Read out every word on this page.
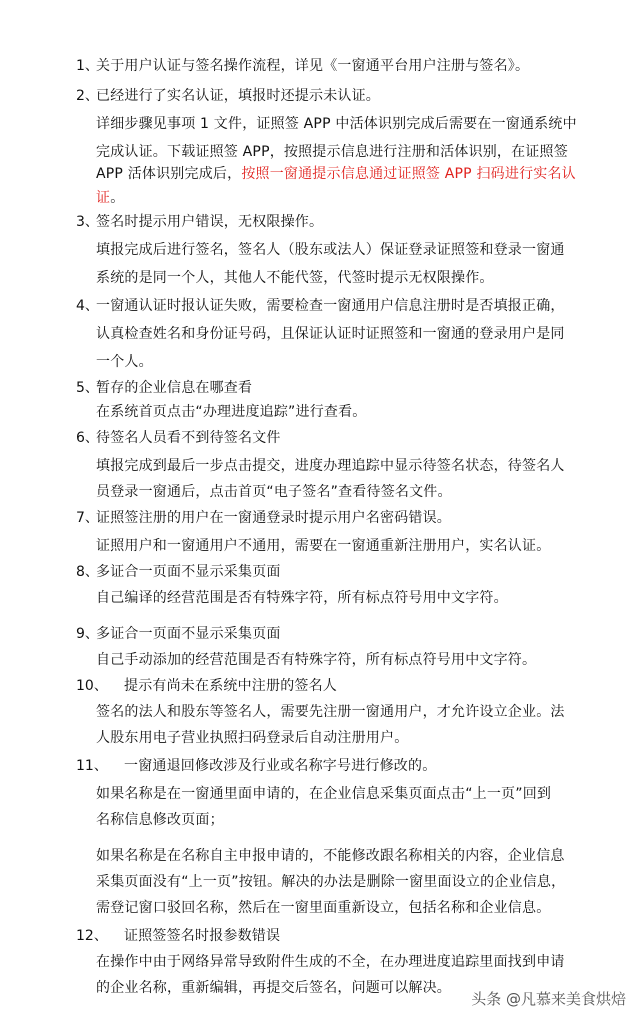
1、
关于用户认证与签名操作流程，详见《一窗通平台用户注册与签名》。
2、
已经进行了实名认证，填报时还提示未认证。
详细步骤见事项 1 文件，证照签 APP 中活体识别完成后需要在一窗通系统中
完成认证。下载证照签 APP，按照提示信息进行注册和活体识别，在证照签
APP 活体识别完成后，按照一窗通提示信息通过证照签 APP 扫码进行实名认
证。
3、
签名时提示用户错误，无权限操作。
填报完成后进行签名，签名人（股东或法人）保证登录证照签和登录一窗通
系统的是同一个人，其他人不能代签，代签时提示无权限操作。
4、
一窗通认证时报认证失败，需要检查一窗通用户信息注册时是否填报正确，
认真检查姓名和身份证号码，且保证认证时证照签和一窗通的登录用户是同
一个人。
5、
暂存的企业信息在哪查看
在系统首页点击“办理进度追踪”进行查看。
6、
待签名人员看不到待签名文件
填报完成到最后一步点击提交，进度办理追踪中显示待签名状态，待签名人
员登录一窗通后，点击首页“电子签名”查看待签名文件。
7、
证照签注册的用户在一窗通登录时提示用户名密码错误。
证照用户和一窗通用户不通用，需要在一窗通重新注册用户，实名认证。
8、
多证合一页面不显示采集页面
自己编译的经营范围是否有特殊字符，所有标点符号用中文字符。
9、
多证合一页面不显示采集页面
自己手动添加的经营范围是否有特殊字符，所有标点符号用中文字符。
10、 提示有尚未在系统中注册的签名人
签名的法人和股东等签名人，需要先注册一窗通用户，才允许设立企业。法
人股东用电子营业执照扫码登录后自动注册用户。
11、 一窗通退回修改涉及行业或名称字号进行修改的。
如果名称是在一窗通里面申请的，在企业信息采集页面点击“上一页”回到
名称信息修改页面；
如果名称是在名称自主申报申请的，不能修改跟名称相关的内容，企业信息
采集页面没有“上一页”按钮。解决的办法是删除一窗里面设立的企业信息，
需登记窗口驳回名称，然后在一窗里面重新设立，包括名称和企业信息。
12、 证照签签名时报参数错误
在操作中由于网络异常导致附件生成的不全，在办理进度追踪里面找到申请
的企业名称，重新编辑，再提交后签名，问题可以解决。
头条 @凡慕来美食烘焙
